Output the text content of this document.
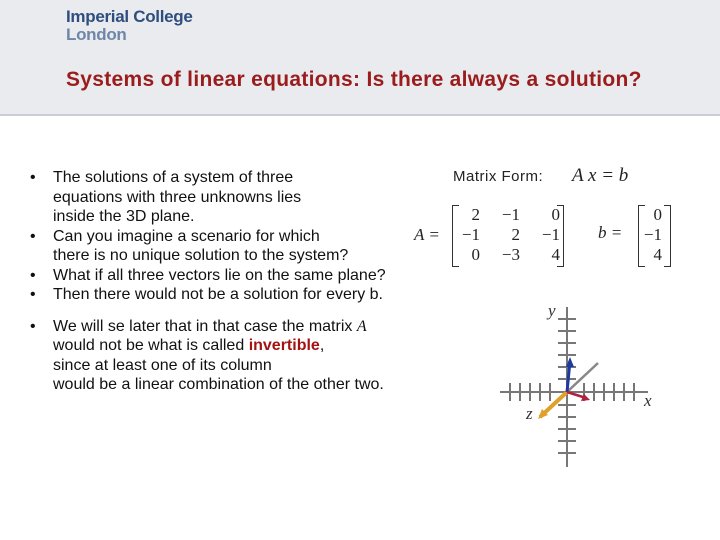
Imperial College
London
Systems of linear equations: Is there always a solution?
• The solutions of a system of three
equations with three unknowns lies
inside the 3D plane.
• Can you imagine a scenario for which
there is no unique solution to the system?
• What if all three vectors lie on the same plane?
• Then there would not be a solution for every b.
• We will se later that in that case the matrix A
would not be what is called invertible,
since at least one of its column
would be a linear combination of the other two.
Matrix Form: A x = b
A =
2	−1	0
−1	2	−1
0	−3	4
b =
0
−1
4
y
x
z
